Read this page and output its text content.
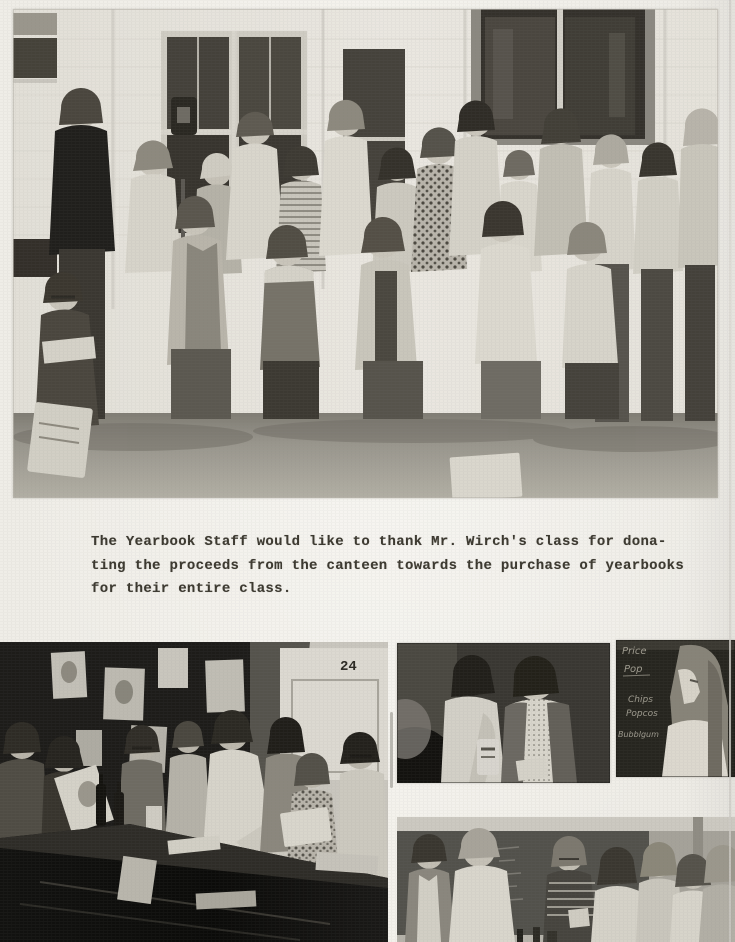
The Yearbook Staff would like to thank Mr. Wirch's class for dona-
ting the proceeds from the canteen towards the purchase of yearbooks
for their entire class.
24
Price
Pop
Chips
Popcos
Bubblgum
